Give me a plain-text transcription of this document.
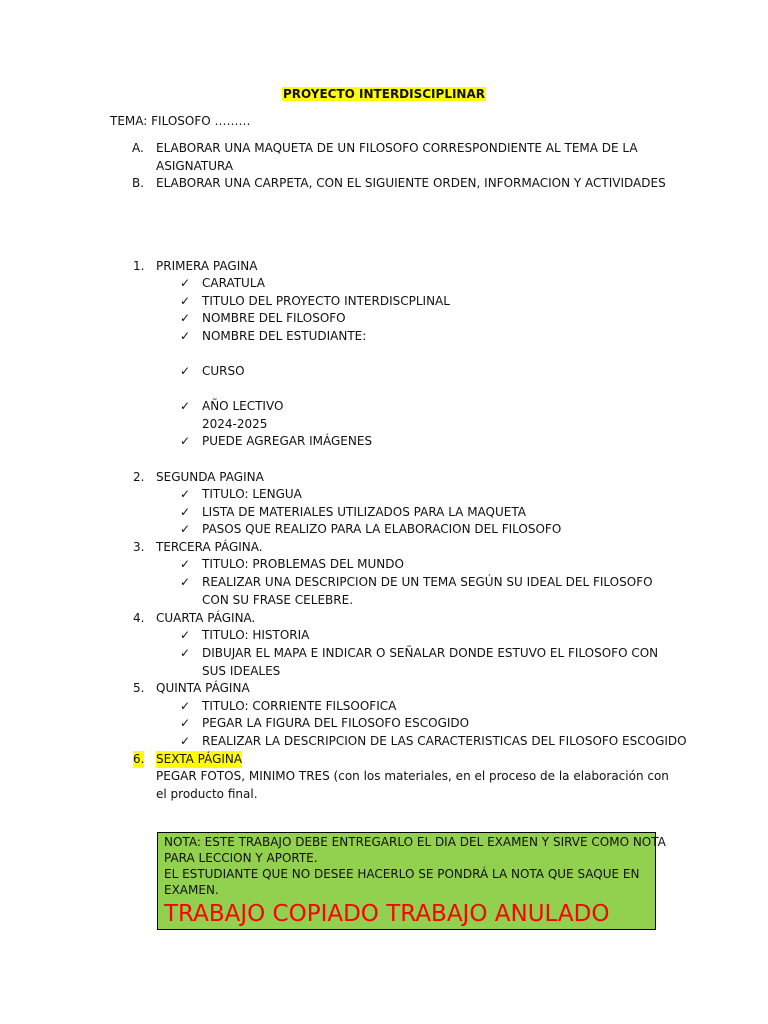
PROYECTO INTERDISCIPLINAR
TEMA: FILOSOFO ………
A. ELABORAR UNA MAQUETA DE UN FILOSOFO CORRESPONDIENTE AL TEMA DE LA
ASIGNATURA
B. ELABORAR UNA CARPETA, CON EL SIGUIENTE ORDEN, INFORMACION Y ACTIVIDADES
1. PRIMERA PAGINA
✓ CARATULA
✓ TITULO DEL PROYECTO INTERDISCPLINAL
✓ NOMBRE DEL FILOSOFO
✓ NOMBRE DEL ESTUDIANTE:
✓ CURSO
✓ AÑO LECTIVO
2024-2025
✓ PUEDE AGREGAR IMÁGENES
2. SEGUNDA PAGINA
✓ TITULO: LENGUA
✓ LISTA DE MATERIALES UTILIZADOS PARA LA MAQUETA
✓ PASOS QUE REALIZO PARA LA ELABORACION DEL FILOSOFO
3. TERCERA PÁGINA.
✓ TITULO: PROBLEMAS DEL MUNDO
✓ REALIZAR UNA DESCRIPCION DE UN TEMA SEGÚN SU IDEAL DEL FILOSOFO
CON SU FRASE CELEBRE.
4. CUARTA PÁGINA.
✓ TITULO: HISTORIA
✓ DIBUJAR EL MAPA E INDICAR O SEÑALAR DONDE ESTUVO EL FILOSOFO CON
SUS IDEALES
5. QUINTA PÁGINA
✓ TITULO: CORRIENTE FILSOOFICA
✓ PEGAR LA FIGURA DEL FILOSOFO ESCOGIDO
✓ REALIZAR LA DESCRIPCION DE LAS CARACTERISTICAS DEL FILOSOFO ESCOGIDO
6. SEXTA PÁGINA
PEGAR FOTOS, MINIMO TRES (con los materiales, en el proceso de la elaboración con
el producto final.
NOTA: ESTE TRABAJO DEBE ENTREGARLO EL DIA DEL EXAMEN Y SIRVE COMO NOTA
PARA LECCION Y APORTE.
EL ESTUDIANTE QUE NO DESEE HACERLO SE PONDRÁ LA NOTA QUE SAQUE EN
EXAMEN.
TRABAJO COPIADO TRABAJO ANULADO
